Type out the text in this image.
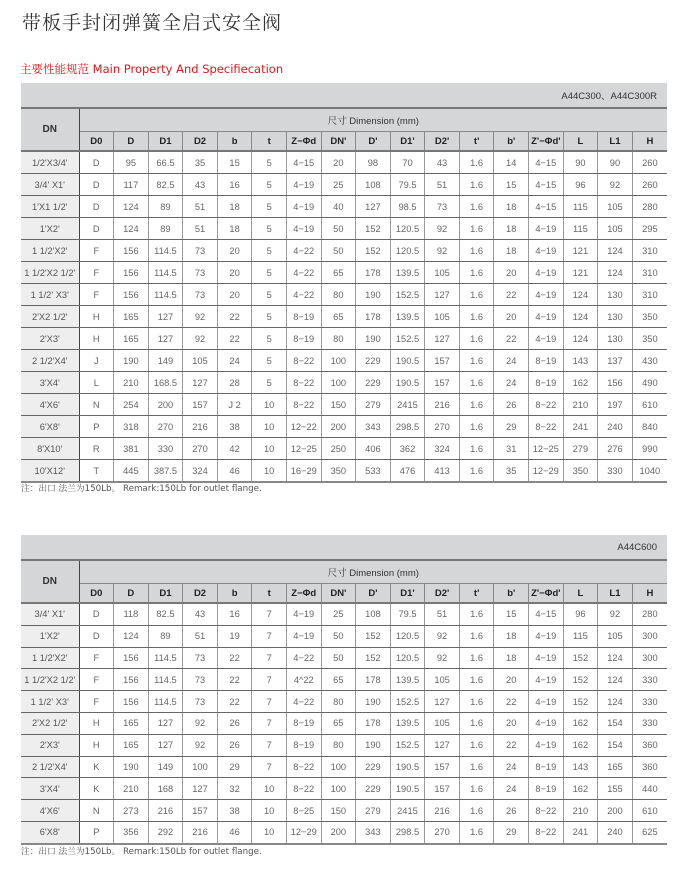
带板手封闭弹簧全启式安全阀
主要性能规范 Main Property And Specifiecation
A44C300、A44C300R																	
DN	尺寸 Dimension (mm)																
	D0	D	D1	D2	b	t	Z−Φd	DN'	D'	D1'	D2'	t'	b'	Z'−Φd'	L	L1	H
1/2'X3/4'	D	95	66.5	35	15	5	4−15	20	98	70	43	1.6	14	4−15	90	90	260
3/4' X1'	D	117	82.5	43	16	5	4−19	25	108	79.5	51	1.6	15	4−15	96	92	260
1'X1 1/2'	D	124	89	51	18	5	4−19	40	127	98.5	73	1.6	18	4−15	115	105	280
1'X2'	D	124	89	51	18	5	4−19	50	152	120.5	92	1.6	18	4−19	115	105	295
1 1/2'X2'	F	156	114.5	73	20	5	4−22	50	152	120.5	92	1.6	18	4−19	121	124	310
1 1/2'X2 1/2'	F	156	114.5	73	20	5	4−22	65	178	139.5	105	1.6	20	4−19	121	124	310
1 1/2' X3'	F	156	114.5	73	20	5	4−22	80	190	152.5	127	1.6	22	4−19	124	130	310
2'X2 1/2'	H	165	127	92	22	5	8−19	65	178	139.5	105	1.6	20	4−19	124	130	350
2'X3'	H	165	127	92	22	5	8−19	80	190	152.5	127	1.6	22	4−19	124	130	350
2 1/2'X4'	J	190	149	105	24	5	8−22	100	229	190.5	157	1.6	24	8−19	143	137	430
3'X4'	L	210	168.5	127	28	5	8−22	100	229	190.5	157	1.6	24	8−19	162	156	490
4'X6'	N	254	200	157	J 2	10	8−22	150	279	2415	216	1.6	26	8−22	210	197	610
6'X8'	P	318	270	216	38	10	12−22	200	343	298.5	270	1.6	29	8−22	241	240	840
8'X10'	R	381	330	270	42	10	12−25	250	406	362	324	1.6	31	12−25	279	276	990
10'X12'	T	445	387.5	324	46	10	16−29	350	533	476	413	1.6	35	12−29	350	330	1040
注：出口 法兰为150Lb。 Remark:150Lb for outlet flange.
A44C600																	
DN	尺寸 Dimension (mm)																
	D0	D	D1	D2	b	t	Z−Φd	DN'	D'	D1'	D2'	t'	b'	Z'−Φd'	L	L1	H
3/4' X1'	D	118	82.5	43	16	7	4−19	25	108	79.5	51	1.6	15	4−15	96	92	280
1'X2'	D	124	89	51	19	7	4−19	50	152	120.5	92	1.6	18	4−19	115	105	300
1 1/2'X2'	F	156	114.5	73	22	7	4−22	50	152	120.5	92	1.6	18	4−19	152	124	300
1 1/2'X2 1/2'	F	156	114.5	73	22	7	4^22	65	178	139.5	105	1.6	20	4−19	152	124	330
1 1/2' X3'	F	156	114.5	73	22	7	4−22	80	190	152.5	127	1.6	22	4−19	152	124	330
2'X2 1/2'	H	165	127	92	26	7	8−19	65	178	139.5	105	1.6	20	4−19	162	154	330
2'X3'	H	165	127	92	26	7	8−19	80	190	152.5	127	1.6	22	4−19	162	154	360
2 1/2'X4'	K	190	149	100	29	7	8−22	100	229	190.5	157	1.6	24	8−19	143	165	360
3'X4'	K	210	168	127	32	10	8−22	100	229	190.5	157	1.6	24	8−19	162	155	440
4'X6'	N	273	216	157	38	10	8−25	150	279	2415	216	1.6	26	8−22	210	200	610
6'X8'	P	356	292	216	46	10	12−29	200	343	298.5	270	1.6	29	8−22	241	240	625
注：出口 法兰为150Lb。 Remark:150Lb for outlet flange.
